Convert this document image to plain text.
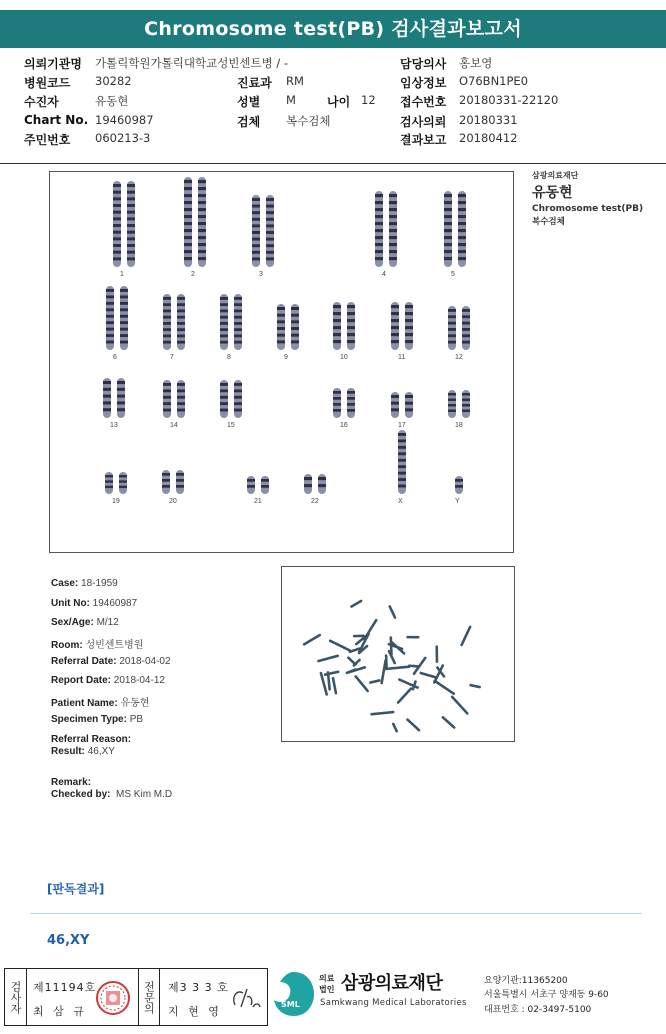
Chromosome test(PB) 검사결과보고서
의뢰기관명 가톨릭학원가톨릭대학교성빈센트병 / -	담당의사 홍보영
병원코드 30282	진료과 RM	임상정보 O76BN1PE0
수진자	유동현	성별 M	나이 12 접수번호 20180331-22120
Chart No. 19460987	검체 복수검체	검사의뢰 20180331
주민번호 060213-3	결과보고 20180412
삼광의료재단
유동현
Chromosome test(PB)
복수검체
1	2	3	4	5
6	7	8	9	10	11	12
13	14	15	16	17	18
19	20	21	22	X	Y
Case: 18-1959
Unit No: 19460987
Sex/Age: M/12
Room: 성빈센트병원
Referral Date: 2018-04-02
Report Date: 2018-04-12
Patient Name: 유동현
Specimen Type: PB
Referral Reason:
Result: 46,XY
Remark:
Checked by: MS Kim M.D
[판독결과]
46,XY
검사자 제11194호
최 삼 규	전문의 제3 3 3 호
지 현 영
SML
의료
법인 삼광의료재단
Samkwang Medical Laboratories
요양기관:11365200
서울특별시 서초구 양재동 9-60
대표번호 : 02-3497-5100
